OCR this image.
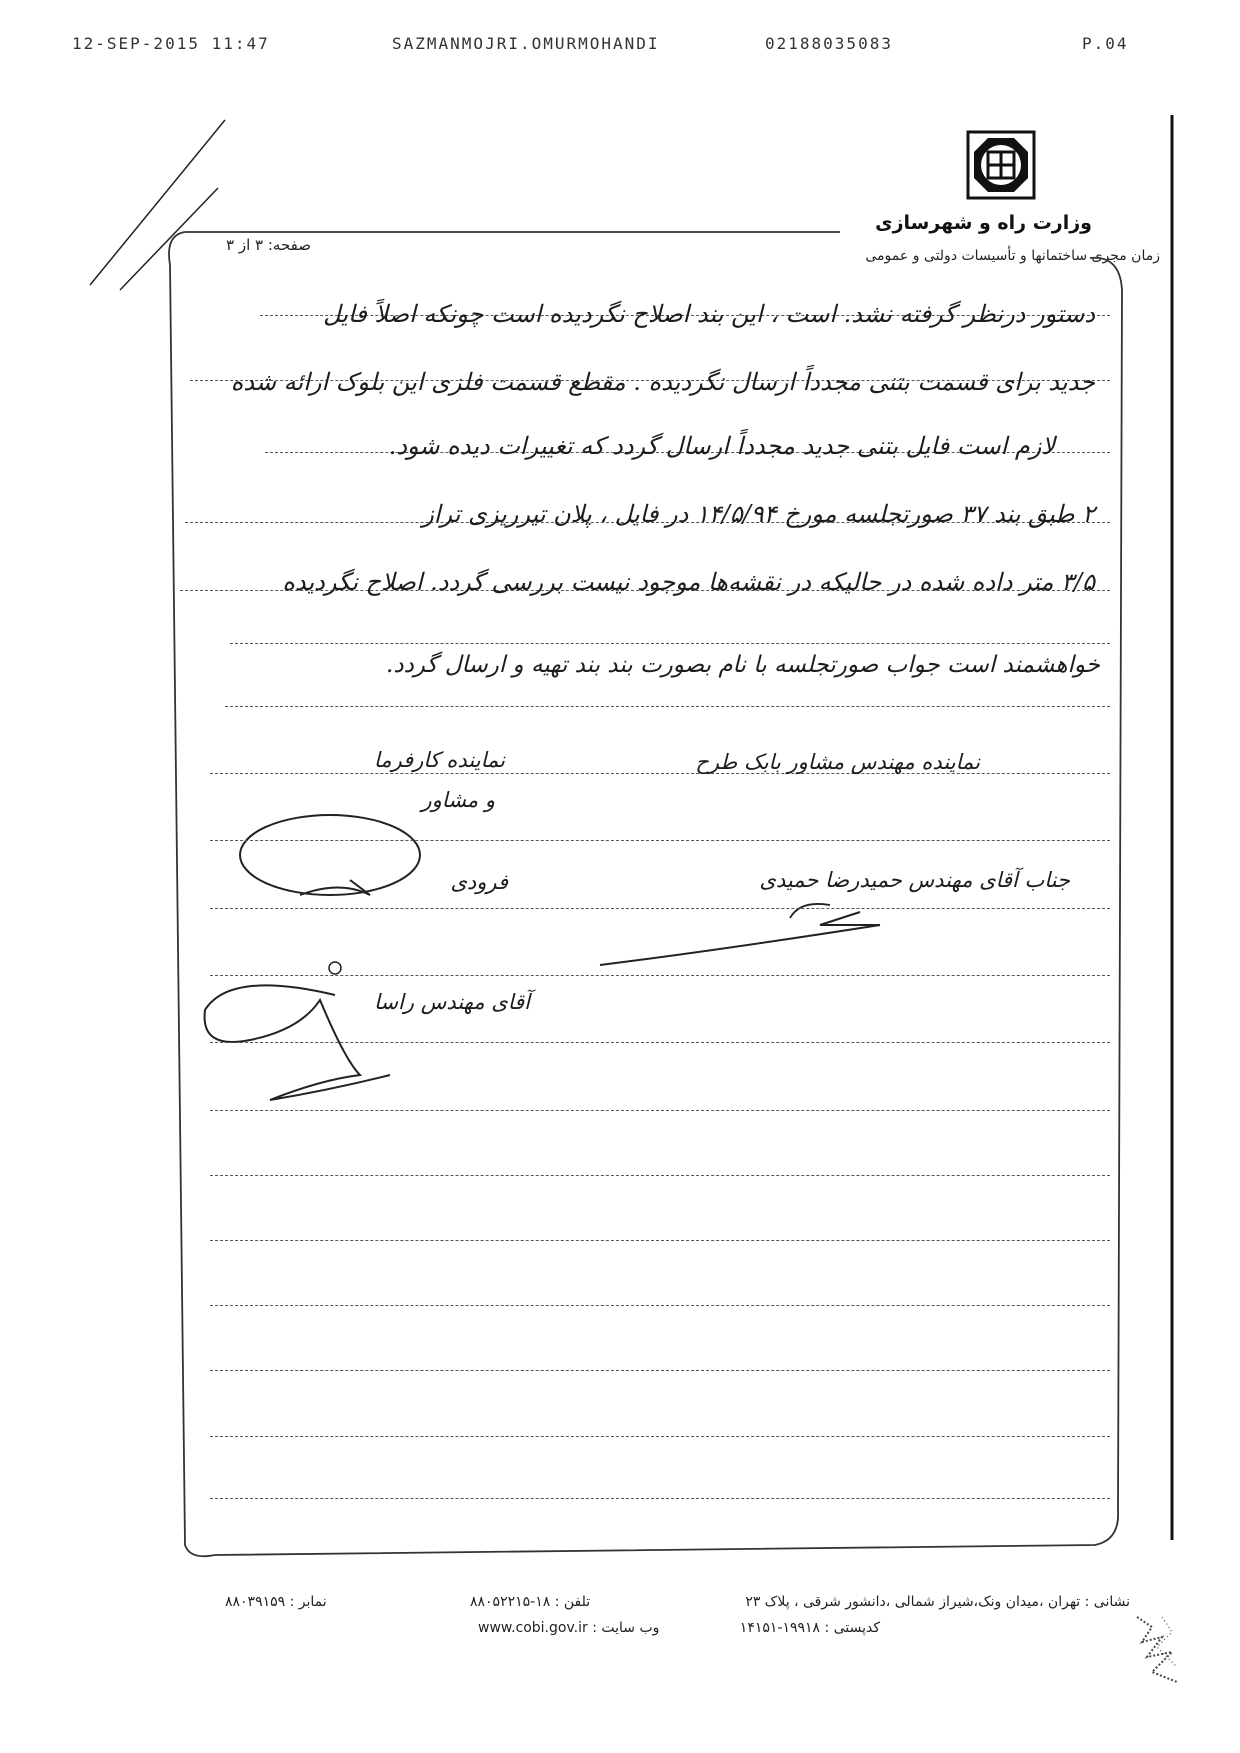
12-SEP-2015 11:47	SAZMANMOJRI.OMURMOHANDI	02188035083	P.04
وزارت راه و شهرسازی
زمان مجری ساختمانها و تأسیسات دولتی و عمومی
صفحه: ۳ از ۳
دستور درنظر گرفته نشد. است ، این بند اصلاح نگردیده است چونکه اصلاً فایل
جدید برای قسمت بتنی مجدداً ارسال نگردیده . مقطع قسمت فلزی این بلوک ارائه شده
لازم است فایل بتنی جدید مجدداً ارسال گردد که تغییرات دیده شود.
۲ طبق بند ۳۷ صورتجلسه مورخ ۱۴/۵/۹۴ در فایل ، پلان تیرریزی تراز
۳/۵ متر داده شده در حالیکه در نقشه‌ها موجود نیست بررسی گردد. اصلاح نگردیده
خواهشمند است جواب صورتجلسه با نام بصورت بند بند تهیه و ارسال گردد.
نماینده کارفرما
و مشاور
نماینده مهندس مشاور بابک طرح
فرودی	جناب آقای مهندس حمیدرضا حمیدی
آقای مهندس راسا
نمابر : ۸۸۰۳۹۱۵۹	تلفن : ۱۸-۸۸۰۵۲۲۱۵
www.cobi.gov.ir : وب سایت
نشانی : تهران ،میدان ونک،شیراز شمالی ،دانشور شرقی ، پلاک ۲۳
کدپستی : ۱۹۹۱۸-۱۴۱۵۱
